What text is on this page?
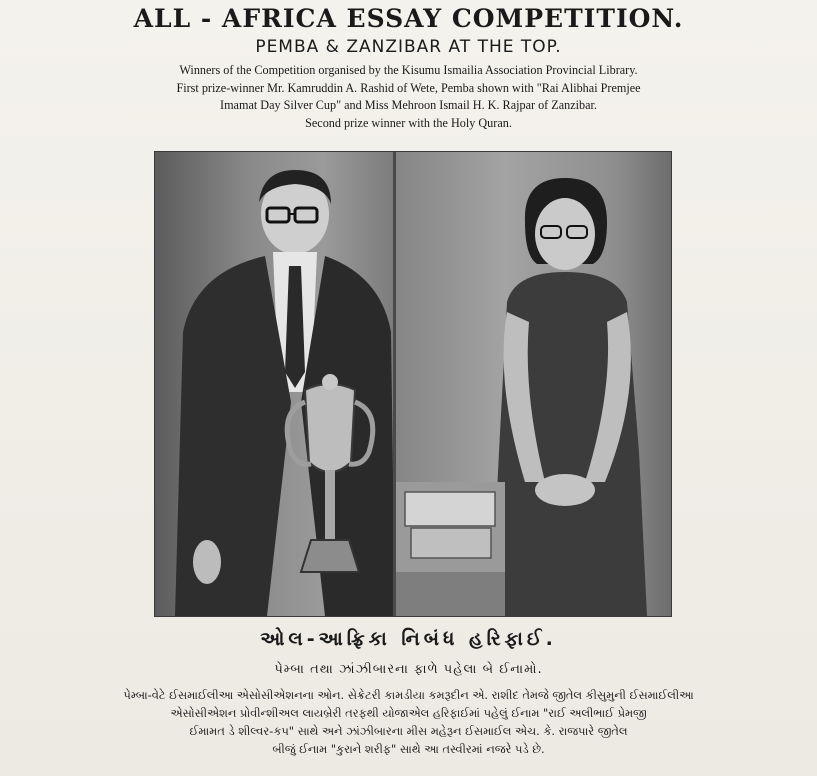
ALL - AFRICA ESSAY COMPETITION.
PEMBA & ZANZIBAR AT THE TOP.
Winners of the Competition organised by the Kisumu Ismailia Association Provincial Library.
First prize-winner Mr. Kamruddin A. Rashid of Wete, Pemba shown with "Rai Alibhai Premjee
Imamat Day Silver Cup" and Miss Mehroon Ismail H. K. Rajpar of Zanzibar.
Second prize winner with the Holy Quran.
ઓલ-આફ્રિકા નિબંધ હરિફાઈ.
પેમ્બા તથા ઝાંઝીબારના ફાળે પહેલા બે ઈનામો.
પેમ્બા-વેટે ઈસમાઈલીઆ એસોસીએશનના ઓન. સેક્રેટરી કામડીયા કમરૂદીન એ. રાશીદ તેમજે જીતેલ કીસુમુની ઈસમાઈલીઆ
એસોસીએશન પ્રોવીન્શીઅલ લાયબ્રેરી તરફથી યોજાએલ હરિફાઈમાં પહેલું ઈનામ "રાઈ અલીભાઈ પ્રેમજી
ઈમામત ડે શીલ્વર-કપ" સાથે અને ઝાંઝીબારના મીસ મહેરૂન ઈસમાઈલ એચ. કે. રાજપારે જીતેલ
બીજું ઈનામ "કુરાને શરીફ" સાથે આ તસ્વીરમાં નજરે પડે છે.
